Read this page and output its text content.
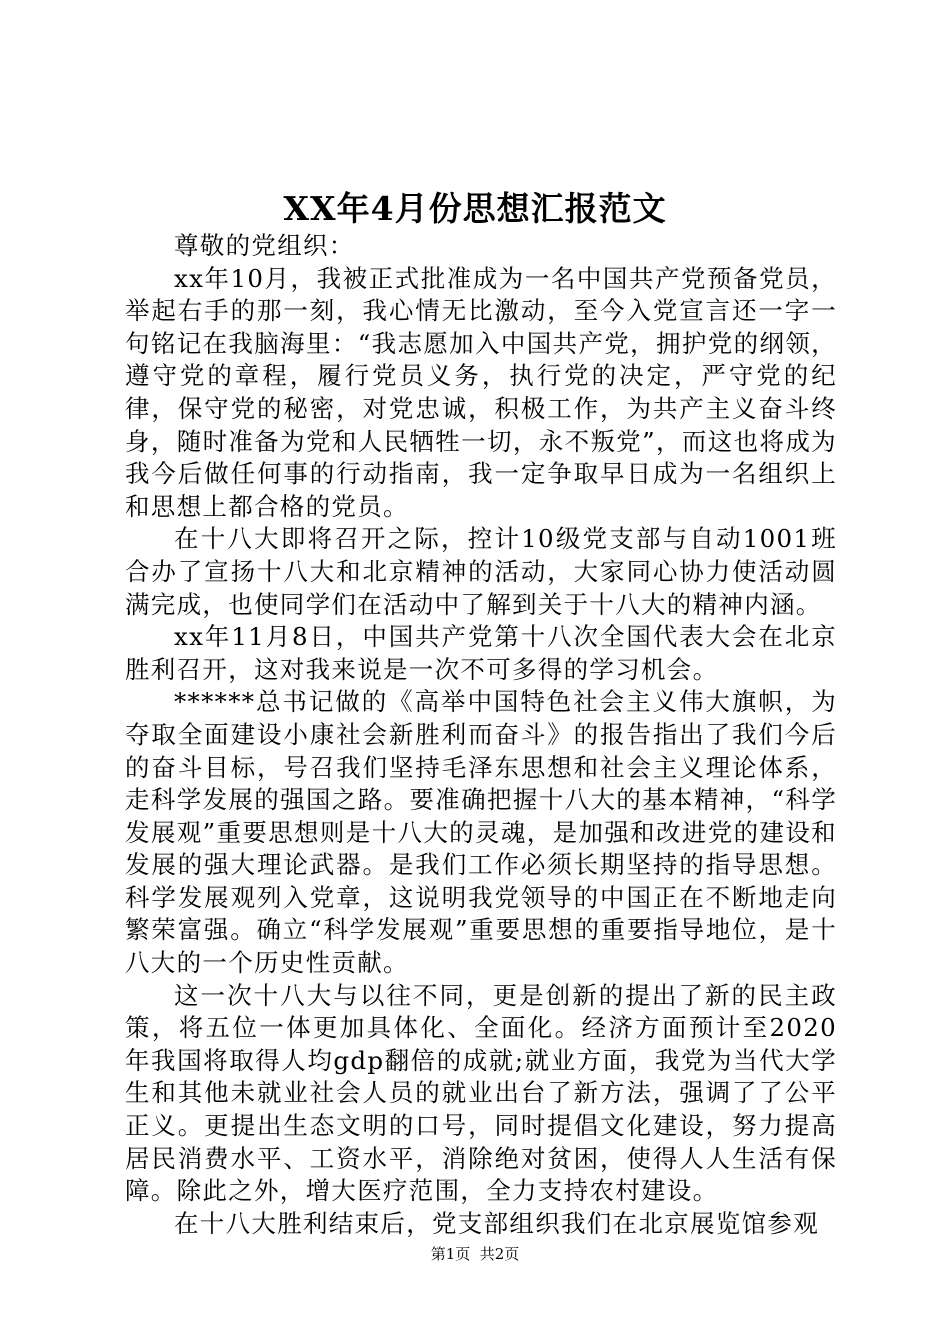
XX年4月份思想汇报范文

尊敬的党组织：

xx年10月，我被正式批准成为一名中国共产党预备党员，举起右手的那一刻，我心情无比激动，至今入党宣言还一字一句铭记在我脑海里：“我志愿加入中国共产党，拥护党的纲领，遵守党的章程，履行党员义务，执行党的决定，严守党的纪律，保守党的秘密，对党忠诚，积极工作，为共产主义奋斗终身，随时准备为党和人民牺牲一切，永不叛党”，而这也将成为我今后做任何事的行动指南，我一定争取早日成为一名组织上和思想上都合格的党员。

在十八大即将召开之际，控计10级党支部与自动1001班合办了宣扬十八大和北京精神的活动，大家同心协力使活动圆满完成，也使同学们在活动中了解到关于十八大的精神内涵。

xx年11月8日，中国共产党第十八次全国代表大会在北京胜利召开，这对我来说是一次不可多得的学习机会。

******总书记做的《高举中国特色社会主义伟大旗帜，为夺取全面建设小康社会新胜利而奋斗》的报告指出了我们今后的奋斗目标，号召我们坚持毛泽东思想和社会主义理论体系，走科学发展的强国之路。要准确把握十八大的基本精神，“科学发展观”重要思想则是十八大的灵魂，是加强和改进党的建设和发展的强大理论武器。是我们工作必须长期坚持的指导思想。科学发展观列入党章，这说明我党领导的中国正在不断地走向繁荣富强。确立“科学发展观”重要思想的重要指导地位，是十八大的一个历史性贡献。

这一次十八大与以往不同，更是创新的提出了新的民主政策，将五位一体更加具体化、全面化。经济方面预计至2020年我国将取得人均gdp翻倍的成就;就业方面，我党为当代大学生和其他未就业社会人员的就业出台了新方法，强调了了公平正义。更提出生态文明的口号，同时提倡文化建设，努力提高居民消费水平、工资水平，消除绝对贫困，使得人人生活有保障。除此之外，增大医疗范围，全力支持农村建设。

在十八大胜利结束后，党支部组织我们在北京展览馆参观

第1页  共2页
